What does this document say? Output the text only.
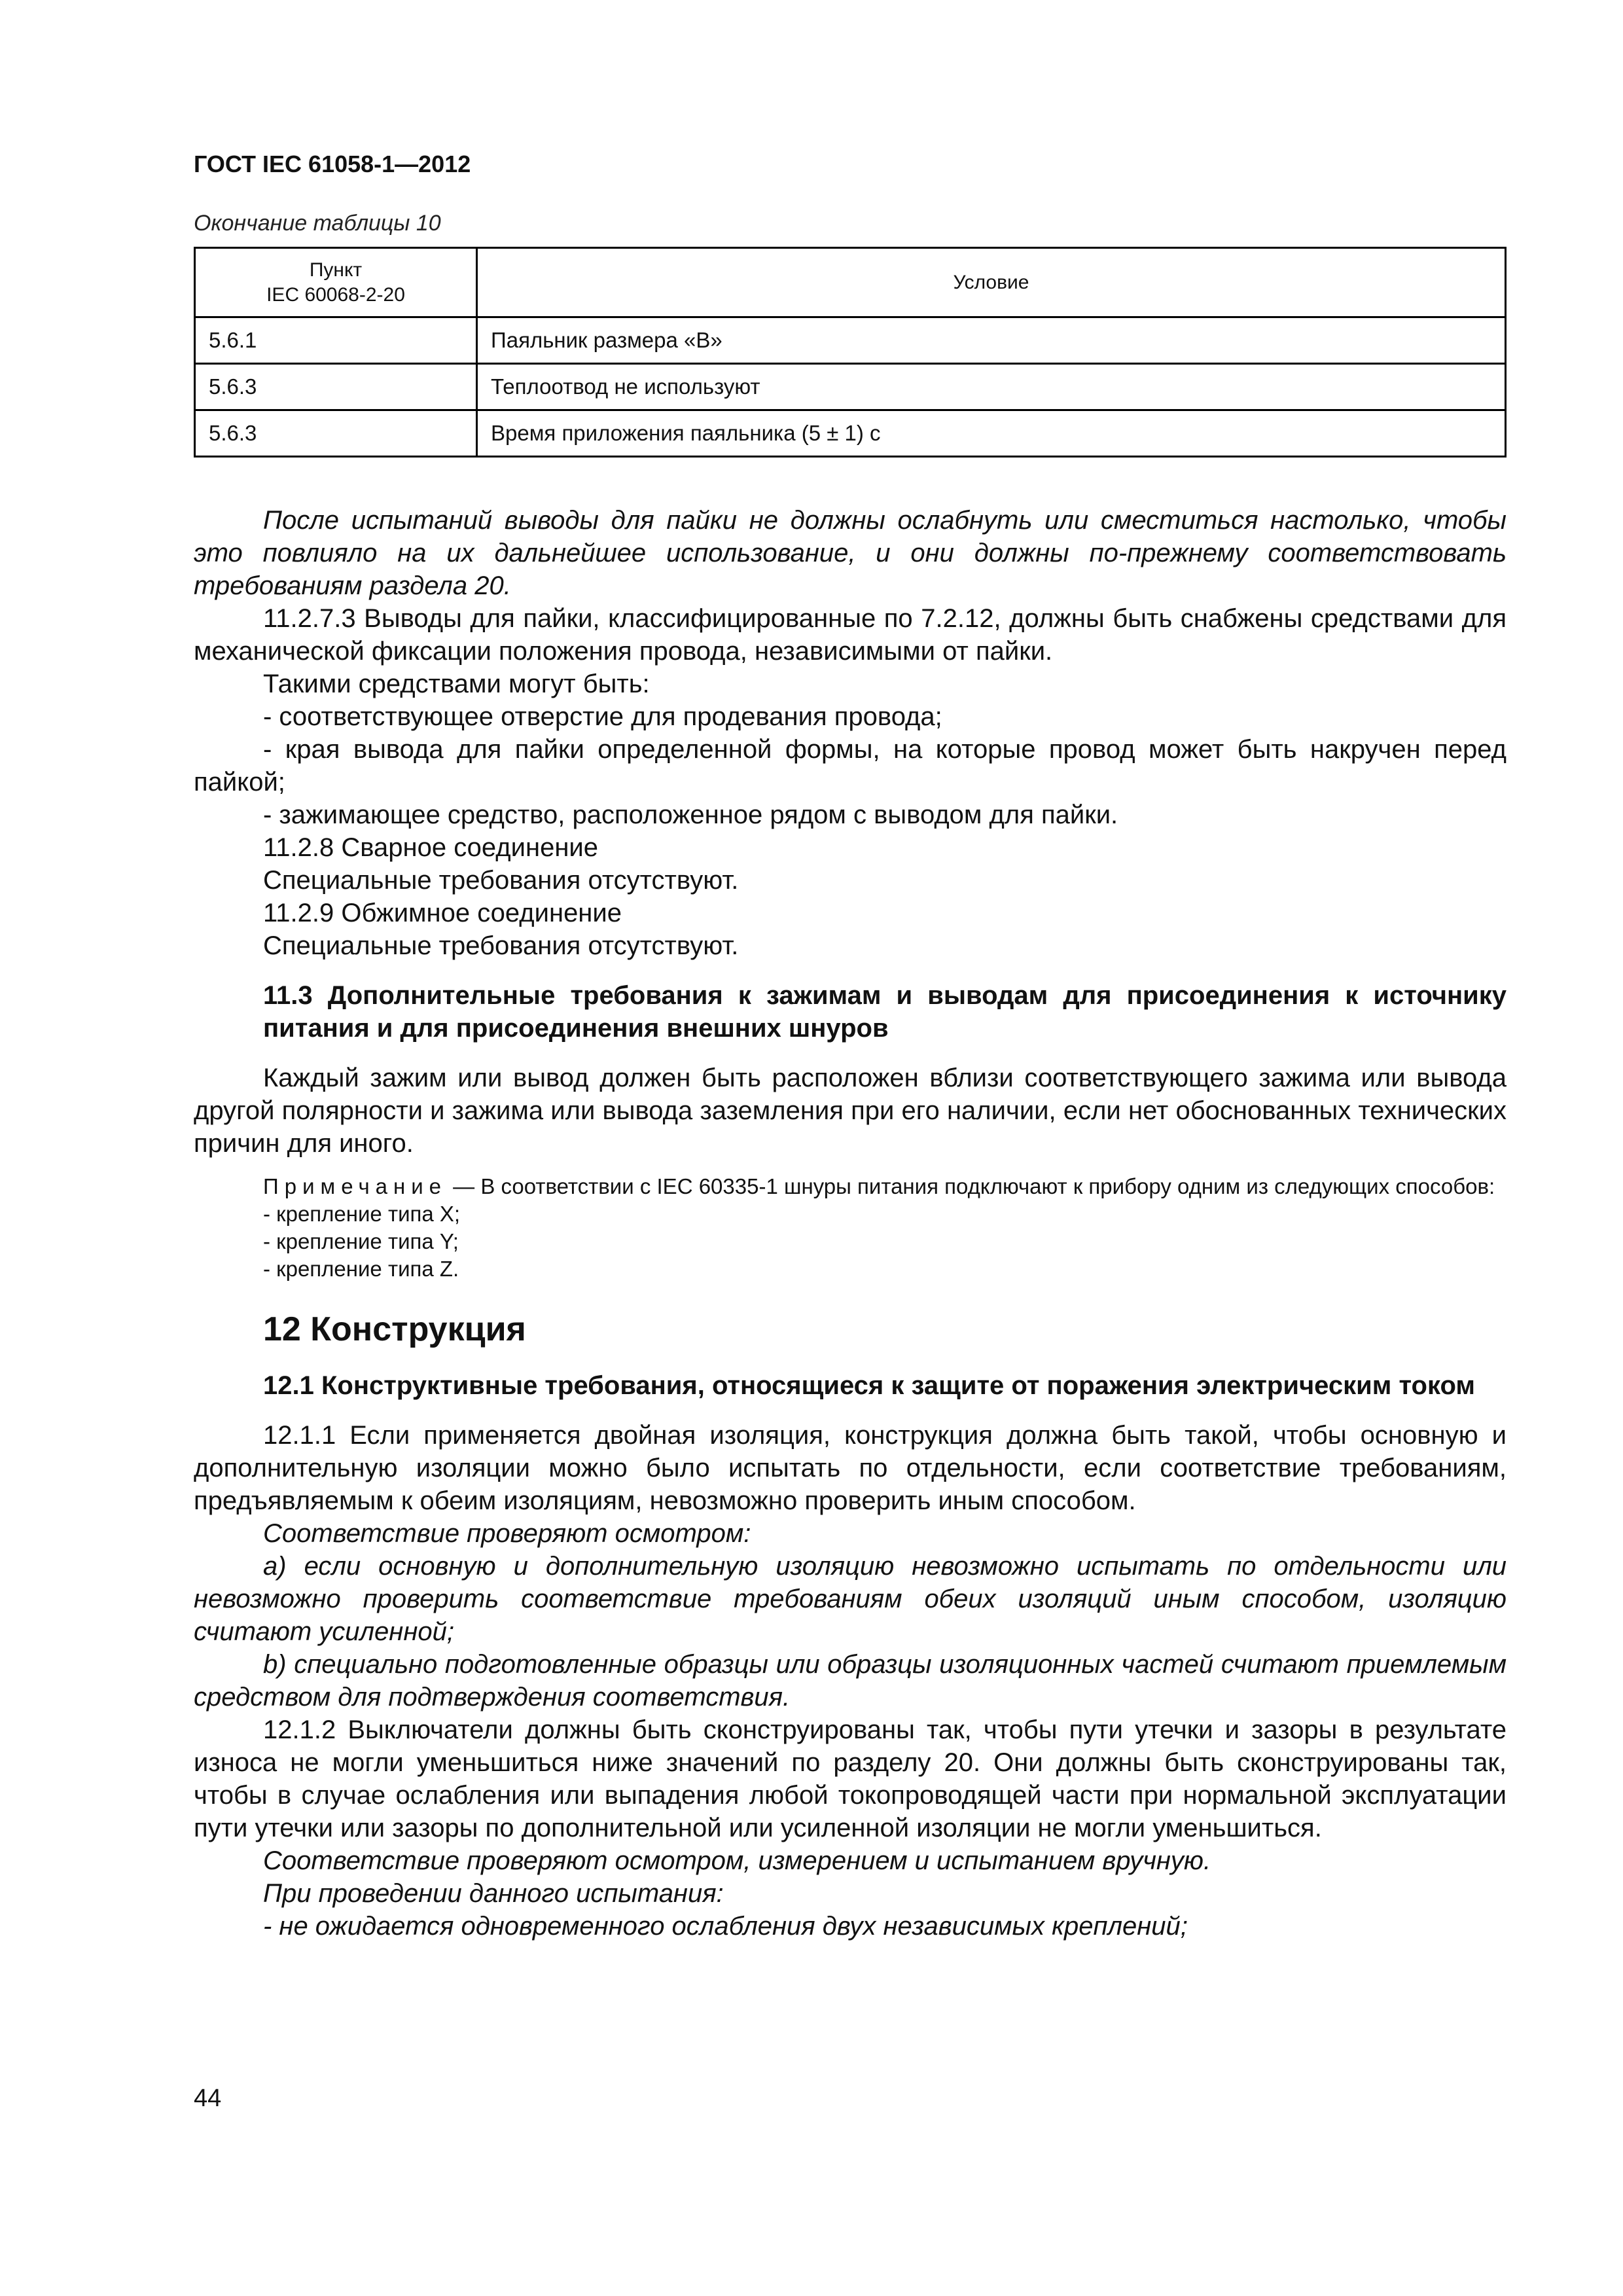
ГОСТ IEC 61058-1—2012
Окончание таблицы 10
Пункт
IEC 60068-2-20	Условие
5.6.1	Паяльник размера «В»
5.6.3	Теплоотвод не используют
5.6.3	Время приложения паяльника (5 ± 1) с

После испытаний выводы для пайки не должны ослабнуть или сместиться настолько, чтобы это повлияло на их дальнейшее использование, и они должны по-прежнему соответствовать требованиям раздела 20.

11.2.7.3 Выводы для пайки, классифицированные по 7.2.12, должны быть снабжены средствами для механической фиксации положения провода, независимыми от пайки.

Такими средствами могут быть:

- соответствующее отверстие для продевания провода;

- края вывода для пайки определенной формы, на которые провод может быть накручен перед пайкой;

- зажимающее средство, расположенное рядом с выводом для пайки.

11.2.8 Сварное соединение

Специальные требования отсутствуют.

11.2.9 Обжимное соединение

Специальные требования отсутствуют.

11.3 Дополнительные требования к зажимам и выводам для присоединения к источнику питания и для присоединения внешних шнуров

Каждый зажим или вывод должен быть расположен вблизи соответствующего зажима или вывода другой полярности и зажима или вывода заземления при его наличии, если нет обоснованных технических причин для иного.

Примечание — В соответствии с IEC 60335-1 шнуры питания подключают к прибору одним из следующих способов:

- крепление типа X;

- крепление типа Y;

- крепление типа Z.

12 Конструкция

12.1 Конструктивные требования, относящиеся к защите от поражения электрическим током

12.1.1 Если применяется двойная изоляция, конструкция должна быть такой, чтобы основную и дополнительную изоляции можно было испытать по отдельности, если соответствие требованиям, предъявляемым к обеим изоляциям, невозможно проверить иным способом.

Соответствие проверяют осмотром:

а) если основную и дополнительную изоляцию невозможно испытать по отдельности или невозможно проверить соответствие требованиям обеих изоляций иным способом, изоляцию считают усиленной;

b) специально подготовленные образцы или образцы изоляционных частей считают приемлемым средством для подтверждения соответствия.

12.1.2 Выключатели должны быть сконструированы так, чтобы пути утечки и зазоры в результате износа не могли уменьшиться ниже значений по разделу 20. Они должны быть сконструированы так, чтобы в случае ослабления или выпадения любой токопроводящей части при нормальной эксплуатации пути утечки или зазоры по дополнительной или усиленной изоляции не могли уменьшиться.

Соответствие проверяют осмотром, измерением и испытанием вручную.

При проведении данного испытания:

- не ожидается одновременного ослабления двух независимых креплений;

44
